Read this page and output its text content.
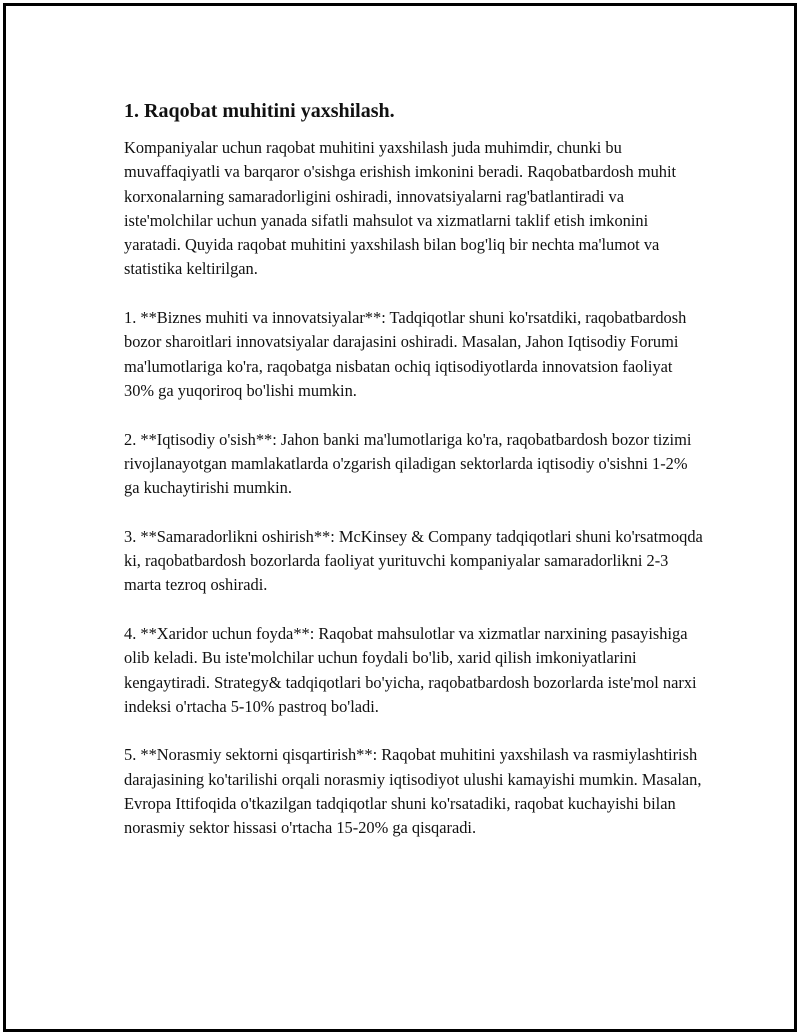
1. Raqobat muhitini yaxshilash.

Kompaniyalar uchun raqobat muhitini yaxshilash juda muhimdir, chunki bu muvaffaqiyatli va barqaror o'sishga erishish imkonini beradi. Raqobatbardosh muhit korxonalarning samaradorligini oshiradi, innovatsiyalarni rag'batlantiradi va iste'molchilar uchun yanada sifatli mahsulot va xizmatlarni taklif etish imkonini yaratadi. Quyida raqobat muhitini yaxshilash bilan bog'liq bir nechta ma'lumot va statistika keltirilgan.

1. **Biznes muhiti va innovatsiyalar**: Tadqiqotlar shuni ko'rsatdiki, raqobatbardosh bozor sharoitlari innovatsiyalar darajasini oshiradi. Masalan, Jahon Iqtisodiy Forumi ma'lumotlariga ko'ra, raqobatga nisbatan ochiq iqtisodiyotlarda innovatsion faoliyat 30% ga yuqoriroq bo'lishi mumkin.

2. **Iqtisodiy o'sish**: Jahon banki ma'lumotlariga ko'ra, raqobatbardosh bozor tizimi rivojlanayotgan mamlakatlarda o'zgarish qiladigan sektorlarda iqtisodiy o'sishni 1-2% ga kuchaytirishi mumkin.

3. **Samaradorlikni oshirish**: McKinsey & Company tadqiqotlari shuni ko'rsatmoqda ki, raqobatbardosh bozorlarda faoliyat yurituvchi kompaniyalar samaradorlikni 2-3 marta tezroq oshiradi.

4. **Xaridor uchun foyda**: Raqobat mahsulotlar va xizmatlar narxining pasayishiga olib keladi. Bu iste'molchilar uchun foydali bo'lib, xarid qilish imkoniyatlarini kengaytiradi. Strategy& tadqiqotlari bo'yicha, raqobatbardosh bozorlarda iste'mol narxi indeksi o'rtacha 5-10% pastroq bo'ladi.

5. **Norasmiy sektorni qisqartirish**: Raqobat muhitini yaxshilash va rasmiylashtirish darajasining ko'tarilishi orqali norasmiy iqtisodiyot ulushi kamayishi mumkin. Masalan, Evropa Ittifoqida o'tkazilgan tadqiqotlar shuni ko'rsatadiki, raqobat kuchayishi bilan norasmiy sektor hissasi o'rtacha 15-20% ga qisqaradi.
